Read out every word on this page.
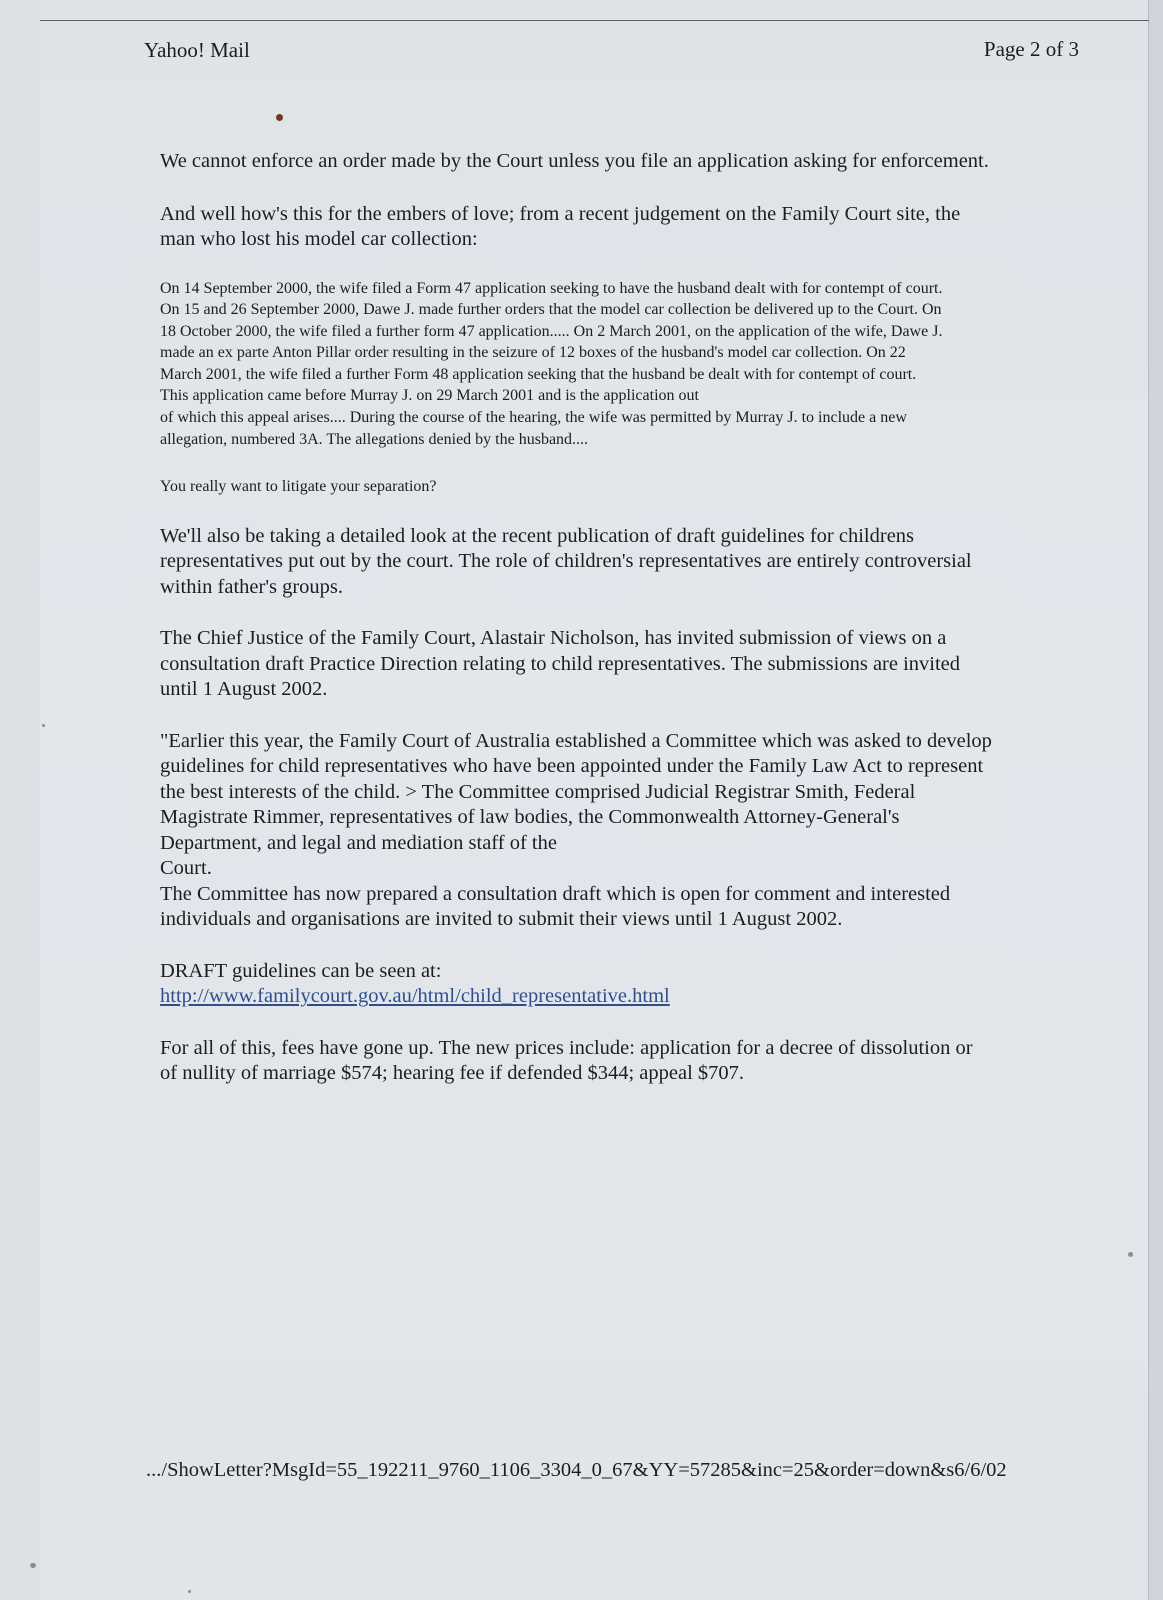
Yahoo! Mail	Page 2 of 3

We cannot enforce an order made by the Court unless you file an application asking for enforcement.

And well how's this for the embers of love; from a recent judgement on the Family Court site, the
man who lost his model car collection:

On 14 September 2000, the wife filed a Form 47 application seeking to have the husband dealt with for contempt of court.
On 15 and 26 September 2000, Dawe J. made further orders that the model car collection be delivered up to the Court. On
18 October 2000, the wife filed a further form 47 application..... On 2 March 2001, on the application of the wife, Dawe J.
made an ex parte Anton Pillar order resulting in the seizure of 12 boxes of the husband's model car collection. On 22
March 2001, the wife filed a further Form 48 application seeking that the husband be dealt with for contempt of court.
This application came before Murray J. on 29 March 2001 and is the application out
of which this appeal arises.... During the course of the hearing, the wife was permitted by Murray J. to include a new
allegation, numbered 3A. The allegations denied by the husband....

You really want to litigate your separation?

We'll also be taking a detailed look at the recent publication of draft guidelines for childrens
representatives put out by the court. The role of children's representatives are entirely controversial
within father's groups.

The Chief Justice of the Family Court, Alastair Nicholson, has invited submission of views on a
consultation draft Practice Direction relating to child representatives. The submissions are invited
until 1 August 2002.

"Earlier this year, the Family Court of Australia established a Committee which was asked to develop
guidelines for child representatives who have been appointed under the Family Law Act to represent
the best interests of the child. > The Committee comprised Judicial Registrar Smith, Federal
Magistrate Rimmer, representatives of law bodies, the Commonwealth Attorney-General's
Department, and legal and mediation staff of the
Court.
The Committee has now prepared a consultation draft which is open for comment and interested
individuals and organisations are invited to submit their views until 1 August 2002.

DRAFT guidelines can be seen at:
http://www.familycourt.gov.au/html/child_representative.html

For all of this, fees have gone up. The new prices include: application for a decree of dissolution or
of nullity of marriage $574; hearing fee if defended $344; appeal $707.

.../ShowLetter?MsgId=55_192211_9760_1106_3304_0_67&YY=57285&inc=25&order=down&s6/6/02
